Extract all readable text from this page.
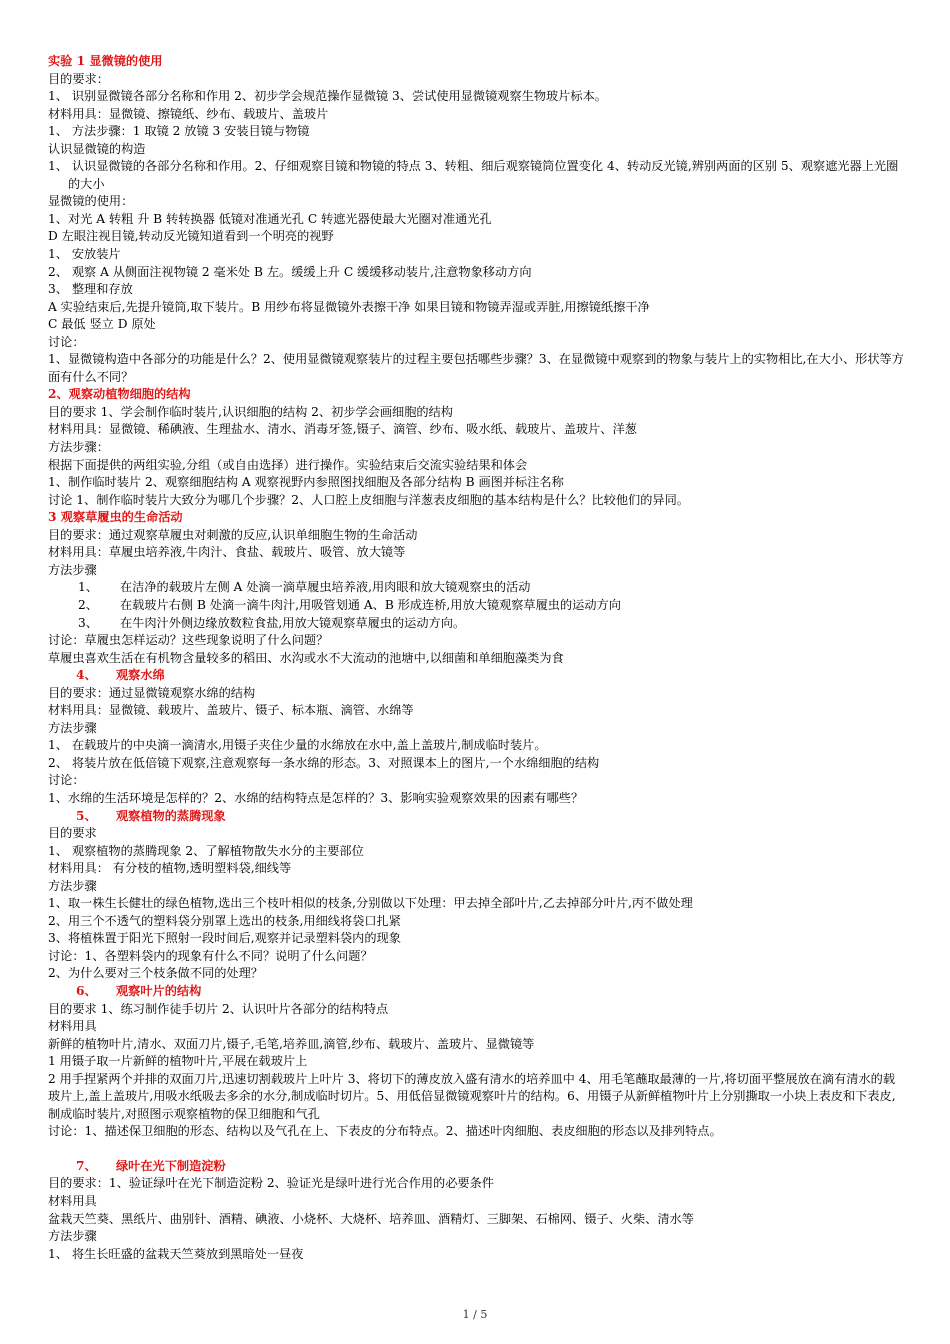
实验 1 显微镜的使用
目的要求：
1、 识别显微镜各部分名称和作用 2、初步学会规范操作显微镜 3、尝试使用显微镜观察生物玻片标本。
材料用具：显微镜、擦镜纸、纱布、载玻片、盖玻片
1、 方法步骤：1 取镜 2 放镜 3 安装目镜与物镜
认识显微镜的构造
1、 认识显微镜的各部分名称和作用。2、仔细观察目镜和物镜的特点 3、转粗、细后观察镜筒位置变化 4、转动反光镜,辨别两面的区别 5、观察遮光器上光圈的大小
显微镜的使用：
1、对光 A 转粗 升 B 转转换器 低镜对准通光孔 C 转遮光器使最大光圈对准通光孔
D 左眼注视目镜,转动反光镜知道看到一个明亮的视野
1、 安放装片
2、 观察 A 从侧面注视物镜 2 毫米处 B 左。缓缓上升 C 缓缓移动装片,注意物象移动方向
3、 整理和存放
A 实验结束后,先提升镜筒,取下装片。B 用纱布将显微镜外表擦干净 如果目镜和物镜弄湿或弄脏,用擦镜纸擦干净
C 最低 竖立 D 原处
讨论：
1、显微镜构造中各部分的功能是什么？2、使用显微镜观察装片的过程主要包括哪些步骤？3、在显微镜中观察到的物象与装片上的实物相比,在大小、形状等方面有什么不同？
2、观察动植物细胞的结构
目的要求 1、学会制作临时装片,认识细胞的结构 2、初步学会画细胞的结构
材料用具：显微镜、稀碘液、生理盐水、清水、消毒牙签,镊子、滴管、纱布、吸水纸、载玻片、盖玻片、洋葱
方法步骤：
根据下面提供的两组实验,分组（或自由选择）进行操作。实验结束后交流实验结果和体会
1、制作临时装片 2、观察细胞结构 A 观察视野内参照图找细胞及各部分结构 B 画图并标注名称
讨论 1、制作临时装片大致分为哪几个步骤？2、人口腔上皮细胞与洋葱表皮细胞的基本结构是什么？比较他们的异同。
3 观察草履虫的生命活动
目的要求：通过观察草履虫对刺激的反应,认识单细胞生物的生命活动
材料用具：草履虫培养液,牛肉汁、食盐、载玻片、吸管、放大镜等
方法步骤
1、 在洁净的载玻片左侧 A 处滴一滴草履虫培养液,用肉眼和放大镜观察虫的活动
2、 在载玻片右侧 B 处滴一滴牛肉汁,用吸管划通 A、B 形成连桥,用放大镜观察草履虫的运动方向
3、 在牛肉汁外侧边缘放数粒食盐,用放大镜观察草履虫的运动方向。
讨论：草履虫怎样运动？这些现象说明了什么问题？
草履虫喜欢生活在有机物含量较多的稻田、水沟或水不大流动的池塘中,以细菌和单细胞藻类为食
4、 观察水绵
目的要求：通过显微镜观察水绵的结构
材料用具：显微镜、载玻片、盖玻片、镊子、标本瓶、滴管、水绵等
方法步骤
1、 在载玻片的中央滴一滴清水,用镊子夹住少量的水绵放在水中,盖上盖玻片,制成临时装片。
2、 将装片放在低倍镜下观察,注意观察每一条水绵的形态。3、对照课本上的图片,一个水绵细胞的结构
讨论：
1、水绵的生活环境是怎样的？2、水绵的结构特点是怎样的？3、影响实验观察效果的因素有哪些？
5、 观察植物的蒸腾现象
目的要求
1、 观察植物的蒸腾现象 2、了解植物散失水分的主要部位
材料用具： 有分枝的植物,透明塑料袋,细线等
方法步骤
1、取一株生长健壮的绿色植物,选出三个枝叶相似的枝条,分别做以下处理：甲去掉全部叶片,乙去掉部分叶片,丙不做处理
2、用三个不透气的塑料袋分别罩上选出的枝条,用细线将袋口扎紧
3、将植株置于阳光下照射一段时间后,观察并记录塑料袋内的现象
讨论：1、各塑料袋内的现象有什么不同？说明了什么问题？
2、为什么要对三个枝条做不同的处理？
6、 观察叶片的结构
目的要求 1、练习制作徒手切片 2、认识叶片各部分的结构特点
材料用具
新鲜的植物叶片,清水、双面刀片,镊子,毛笔,培养皿,滴管,纱布、载玻片、盖玻片、显微镜等
1 用镊子取一片新鲜的植物叶片,平展在载玻片上
2 用手捏紧两个并排的双面刀片,迅速切割载玻片上叶片 3、将切下的薄皮放入盛有清水的培养皿中 4、用毛笔蘸取最薄的一片,将切面平整展放在滴有清水的载玻片上,盖上盖玻片,用吸水纸吸去多余的水分,制成临时切片。5、用低倍显微镜观察叶片的结构。6、用镊子从新鲜植物叶片上分别撕取一小块上表皮和下表皮,制成临时装片,对照图示观察植物的保卫细胞和气孔
讨论：1、描述保卫细胞的形态、结构以及气孔在上、下表皮的分布特点。2、描述叶肉细胞、表皮细胞的形态以及排列特点。
7、 绿叶在光下制造淀粉
目的要求：1、验证绿叶在光下制造淀粉 2、验证光是绿叶进行光合作用的必要条件
材料用具
盆栽天竺葵、黑纸片、曲别针、酒精、碘液、小烧杯、大烧杯、培养皿、酒精灯、三脚架、石棉网、镊子、火柴、清水等
方法步骤
1、 将生长旺盛的盆栽天竺葵放到黑暗处一昼夜
1 / 5
